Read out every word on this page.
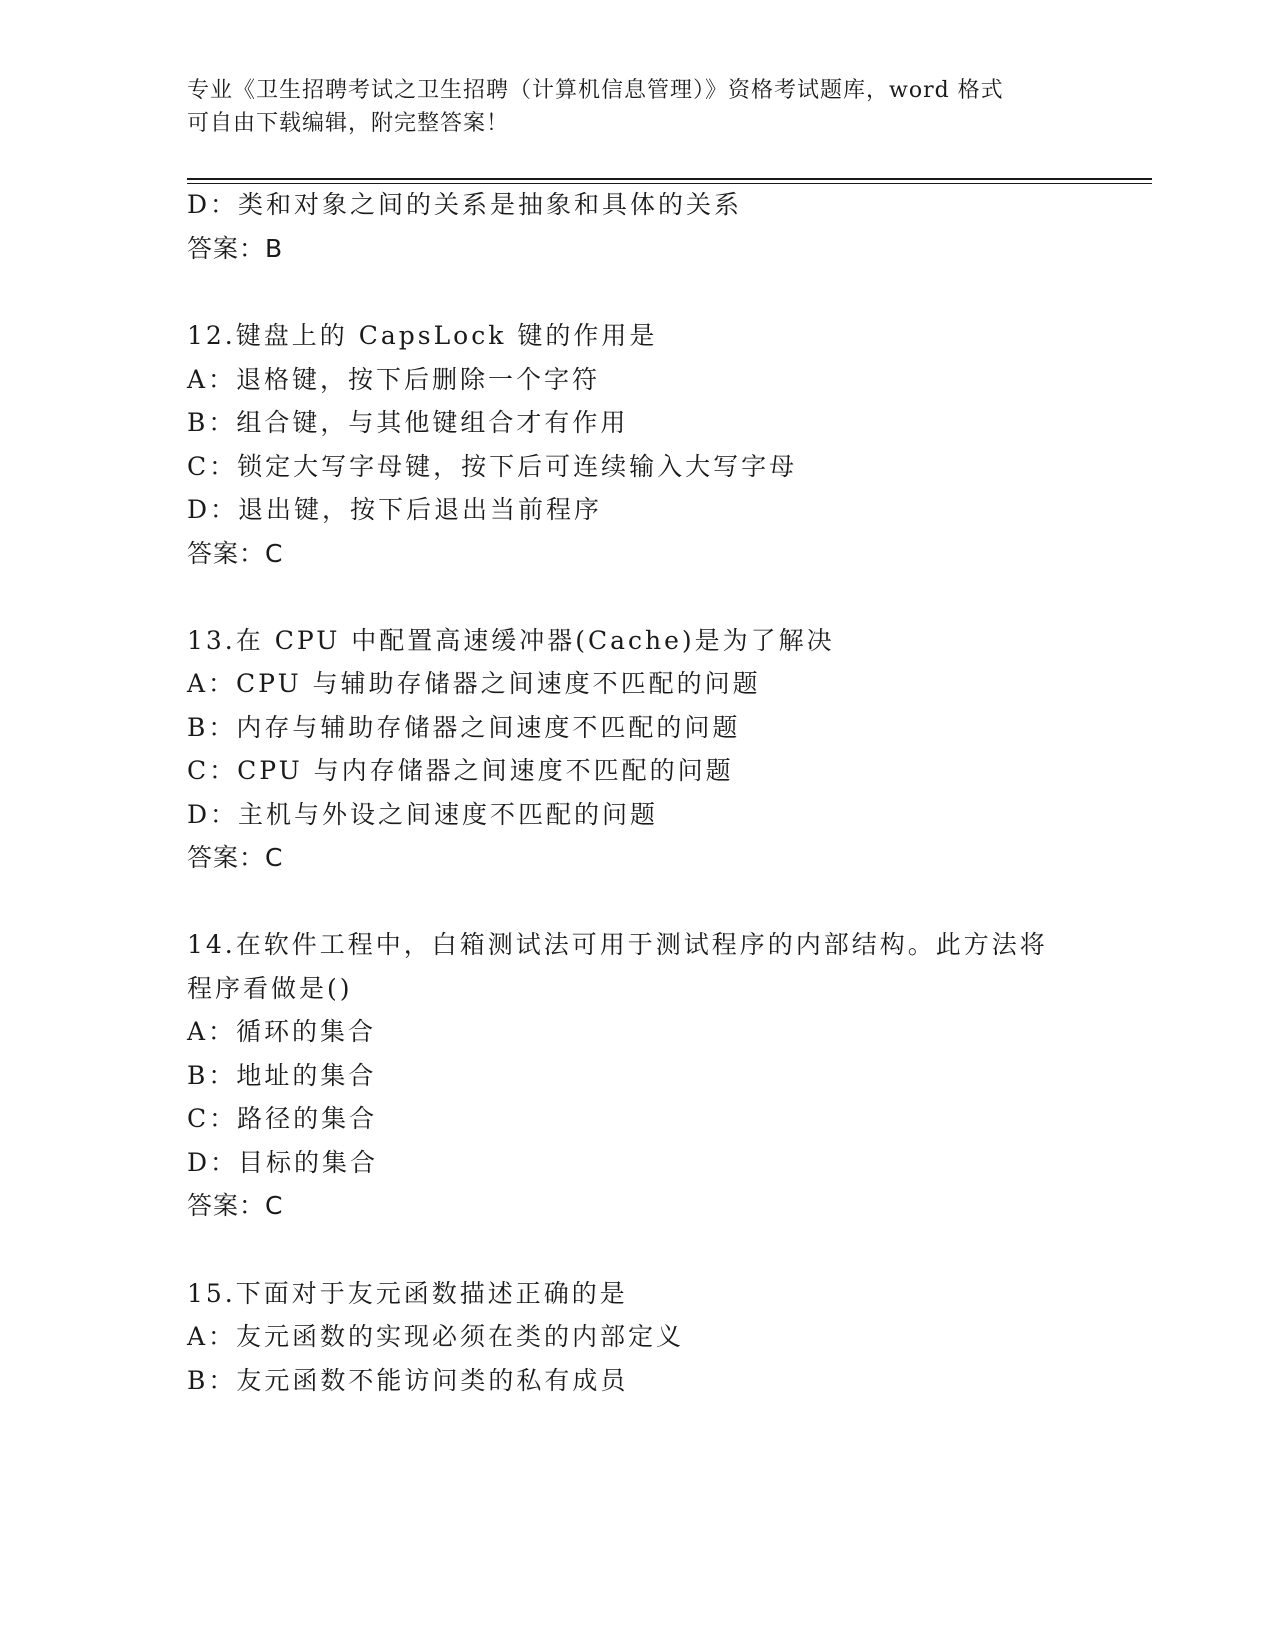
专业《卫生招聘考试之卫生招聘（计算机信息管理）》资格考试题库，word 格式
可自由下载编辑，附完整答案！
D：类和对象之间的关系是抽象和具体的关系
答案：B
12.键盘上的 CapsLock 键的作用是
A：退格键，按下后删除一个字符
B：组合键，与其他键组合才有作用
C：锁定大写字母键，按下后可连续输入大写字母
D：退出键，按下后退出当前程序
答案：C
13.在 CPU 中配置高速缓冲器(Cache)是为了解决
A：CPU 与辅助存储器之间速度不匹配的问题
B：内存与辅助存储器之间速度不匹配的问题
C：CPU 与内存储器之间速度不匹配的问题
D：主机与外设之间速度不匹配的问题
答案：C
14.在软件工程中，白箱测试法可用于测试程序的内部结构。此方法将
程序看做是()
A：循环的集合
B：地址的集合
C：路径的集合
D：目标的集合
答案：C
15.下面对于友元函数描述正确的是
A：友元函数的实现必须在类的内部定义
B：友元函数不能访问类的私有成员
